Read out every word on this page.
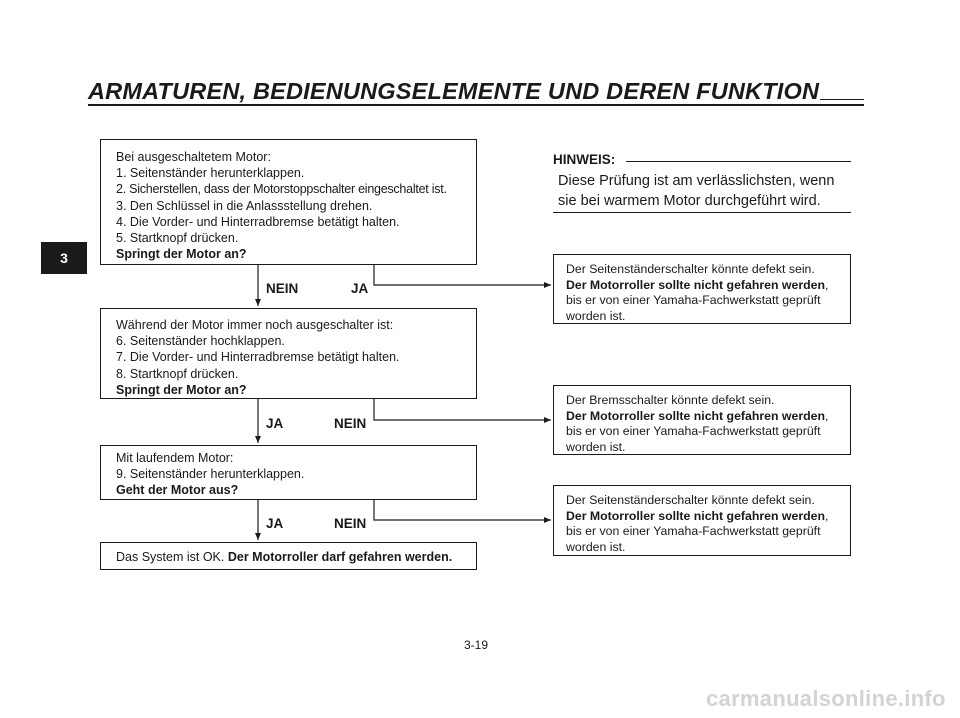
ARMATUREN, BEDIENUNGSELEMENTE UND DEREN FUNKTION
3
Bei ausgeschaltetem Motor:
1. Seitenständer herunterklappen.
2. Sicherstellen, dass der Motorstoppschalter eingeschaltet ist.
3. Den Schlüssel in die Anlassstellung drehen.
4. Die Vorder- und Hinterradbremse betätigt halten.
5. Startknopf drücken.
Springt der Motor an?
NEIN	JA
Während der Motor immer noch ausgeschalter ist:
6. Seitenständer hochklappen.
7. Die Vorder- und Hinterradbremse betätigt halten.
8. Startknopf drücken.
Springt der Motor an?
JA	NEIN
Mit laufendem Motor:
9. Seitenständer herunterklappen.
Geht der Motor aus?
JA	NEIN
Das System ist OK. Der Motorroller darf gefahren werden.
HINWEIS:
Diese Prüfung ist am verlässlichsten, wenn
sie bei warmem Motor durchgeführt wird.
Der Seitenständerschalter könnte defekt sein.
Der Motorroller sollte nicht gefahren werden,
bis er von einer Yamaha-Fachwerkstatt geprüft
worden ist.
Der Bremsschalter könnte defekt sein.
Der Motorroller sollte nicht gefahren werden,
bis er von einer Yamaha-Fachwerkstatt geprüft
worden ist.
Der Seitenständerschalter könnte defekt sein.
Der Motorroller sollte nicht gefahren werden,
bis er von einer Yamaha-Fachwerkstatt geprüft
worden ist.
3-19
carmanualsonline.info
